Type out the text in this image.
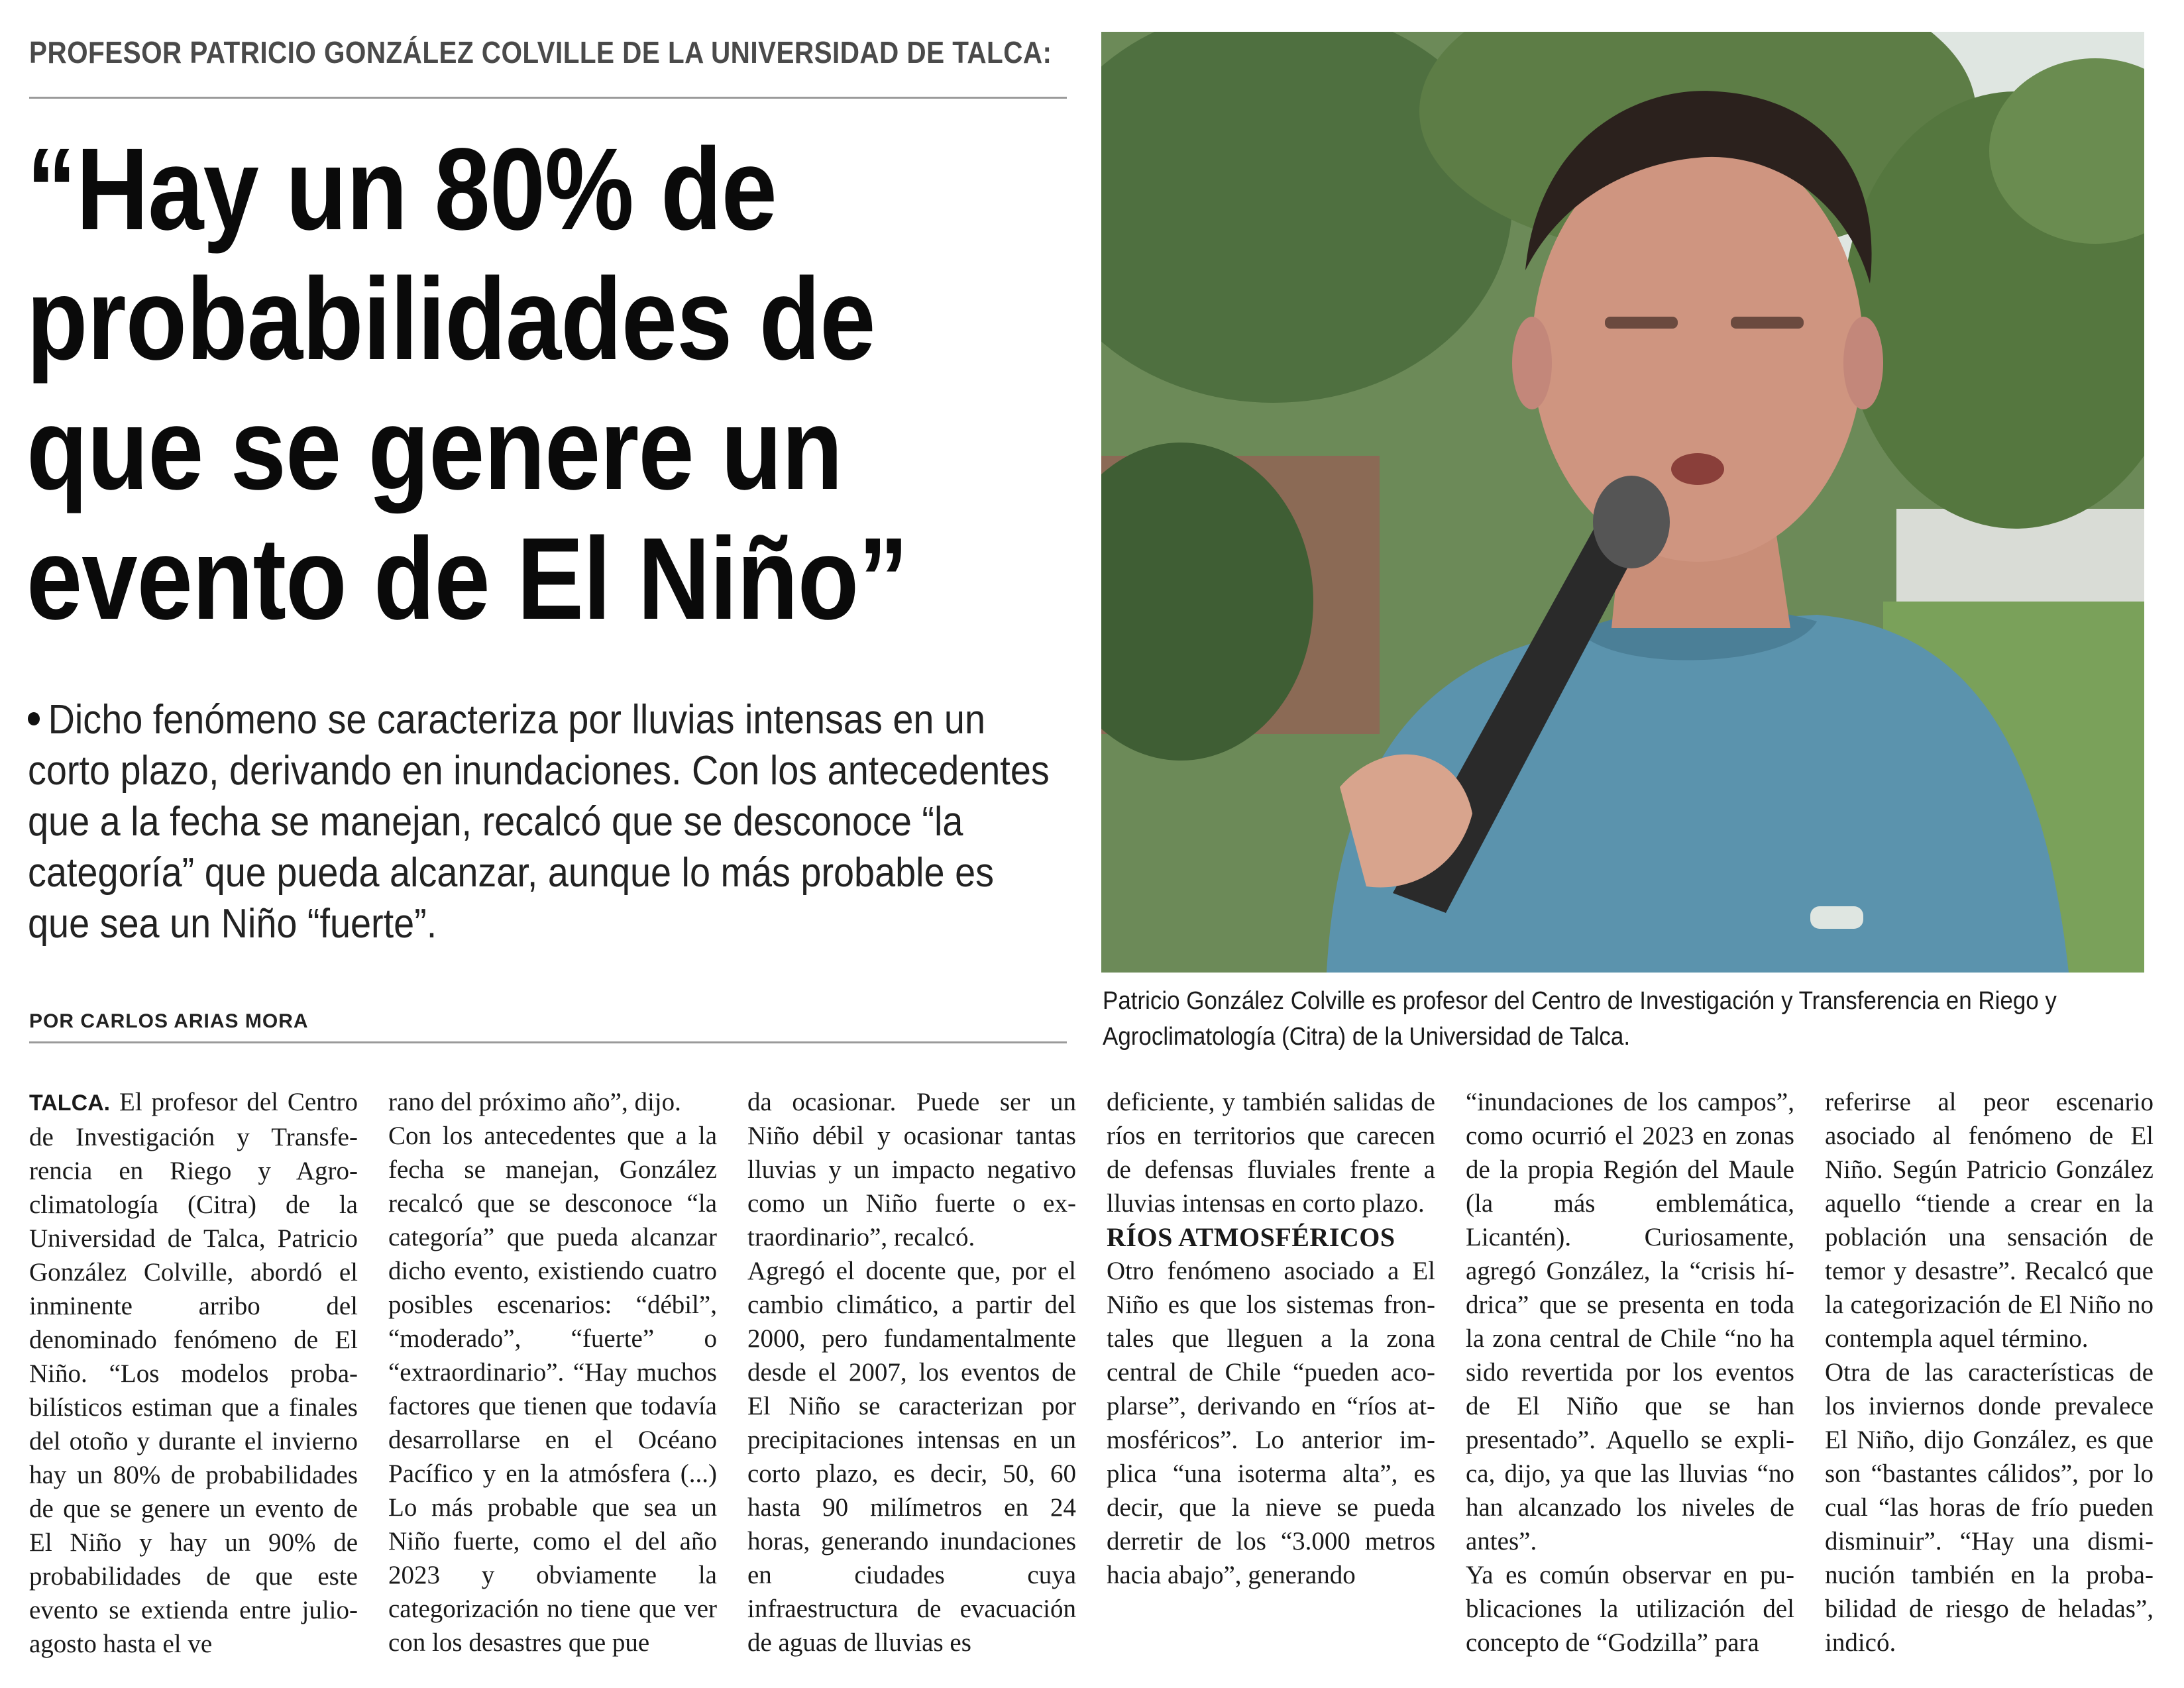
PROFESOR PATRICIO GONZÁLEZ COLVILLE DE LA UNIVERSIDAD DE TALCA:
“Hay un 80% de
probabilidades de
que se genere un
evento de El Niño”
Dicho fenómeno se caracteriza por lluvias intensas en un corto plazo, derivando en inundaciones. Con los antecedentes que a la fecha se manejan, recalcó que se desconoce “la categoría” que pueda alcanzar, aunque lo más probable es que sea un Niño “fuerte”.
POR CARLOS ARIAS MORA
Patricio González Colville es profesor del Centro de Investigación y Transferencia en Riego y Agroclimatología (Citra) de la Universidad de Talca.

TALCA. El profesor del Centro de Investigación y Transferencia en Riego y Agroclimatología (Citra) de la Universidad de Talca, Patricio González Colville, abordó el inminente arribo del denominado fenómeno de El Niño. “Los modelos probabilísticos estiman que a finales del otoño y durante el invierno hay un 80% de probabilidades de que se genere un evento de El Niño y hay un 90% de probabilidades de que este evento se extienda entre julio-agosto hasta el ve

rano del próximo año”, dijo.

Con los antecedentes que a la fecha se manejan, González recalcó que se desconoce “la categoría” que pueda alcanzar dicho evento, existiendo cuatro posibles escenarios: “débil”, “moderado”, “fuerte” o “extraordinario”. “Hay muchos factores que tienen que todavía desarrollarse en el Océano Pacífico y en la atmósfera (...) Lo más probable que sea un Niño fuerte, como el del año 2023 y obviamente la categorización no tiene que ver con los desastres que pue

da ocasionar. Puede ser un Niño débil y ocasionar tantas lluvias y un impacto negativo como un Niño fuerte o extraordinario”, recalcó.

Agregó el docente que, por el cambio climático, a partir del 2000, pero fundamentalmente desde el 2007, los eventos de El Niño se caracterizan por precipitaciones intensas en un corto plazo, es decir, 50, 60 hasta 90 milímetros en 24 horas, generando inundaciones en ciudades cuya infraestructura de evacuación de aguas de lluvias es

deficiente, y también salidas de ríos en territorios que carecen de defensas fluviales frente a lluvias intensas en corto plazo.

RÍOS ATMOSFÉRICOS

Otro fenómeno asociado a El Niño es que los sistemas frontales que lleguen a la zona central de Chile “pueden acoplarse”, derivando en “ríos atmosféricos”. Lo anterior implica “una isoterma alta”, es decir, que la nieve se pueda derretir de los “3.000 metros hacia abajo”, generando

“inundaciones de los campos”, como ocurrió el 2023 en zonas de la propia Región del Maule (la más emblemática, Licantén). Curiosamente, agregó González, la “crisis hídrica” que se presenta en toda la zona central de Chile “no ha sido revertida por los eventos de El Niño que se han presentado”. Aquello se explica, dijo, ya que las lluvias “no han alcanzado los niveles de antes”.

Ya es común observar en publicaciones la utilización del concepto de “Godzilla” para

referirse al peor escenario asociado al fenómeno de El Niño. Según Patricio González aquello “tiende a crear en la población una sensación de temor y desastre”. Recalcó que la categorización de El Niño no contempla aquel término.

Otra de las características de los inviernos donde prevalece El Niño, dijo González, es que son “bastantes cálidos”, por lo cual “las horas de frío pueden disminuir”. “Hay una disminución también en la probabilidad de riesgo de heladas”, indicó.
